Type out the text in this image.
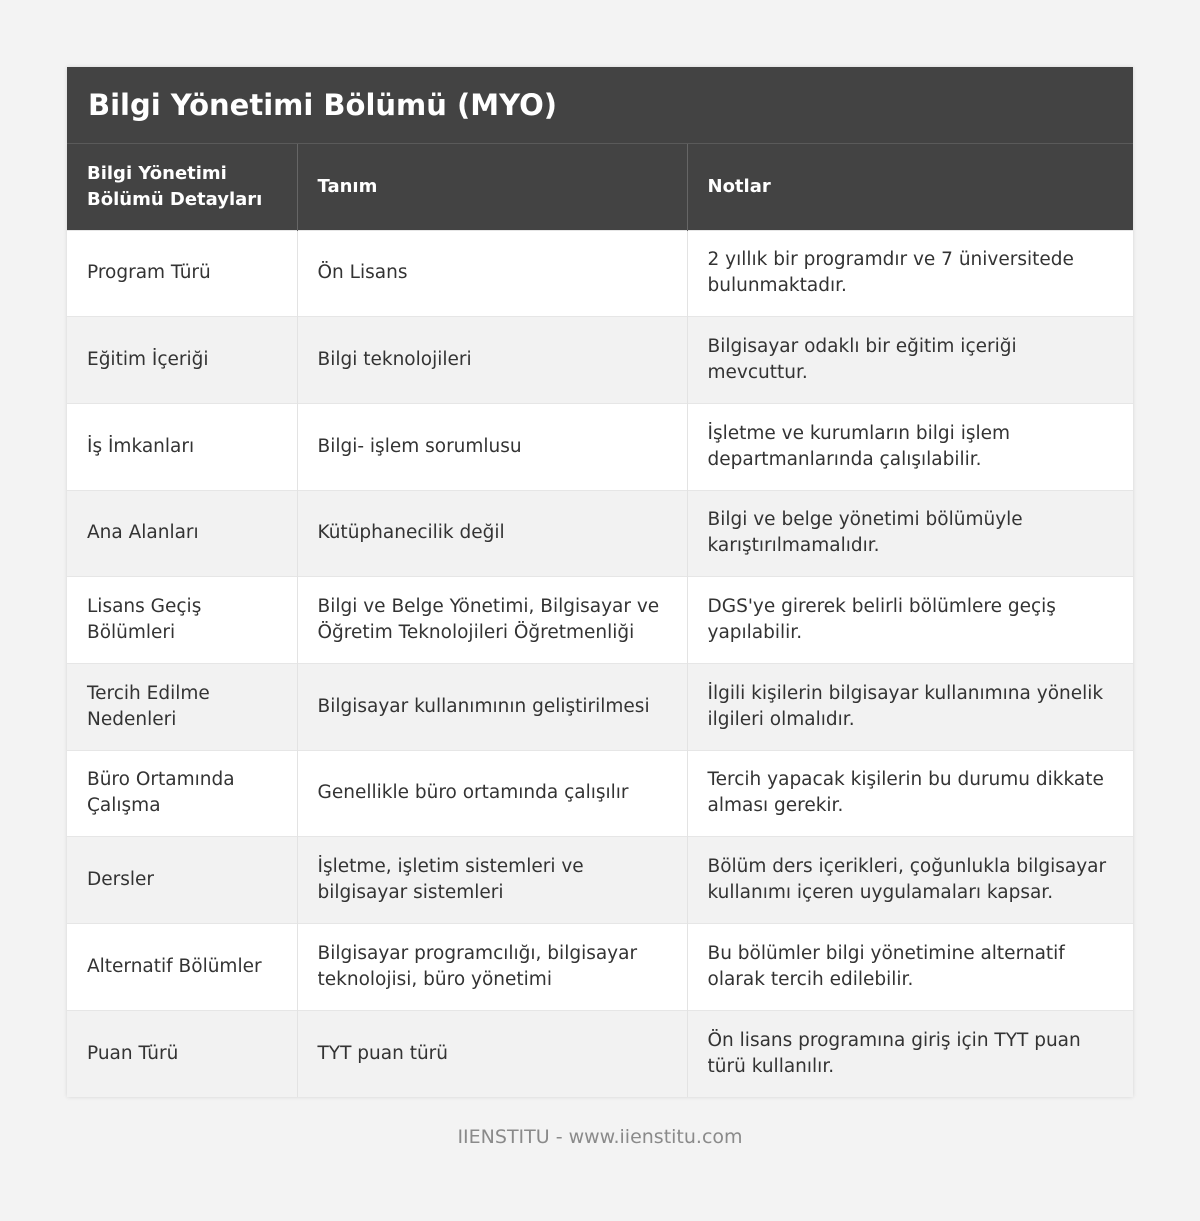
Bilgi Yönetimi Bölümü (MYO)
Bilgi Yönetimi Bölümü Detayları	Tanım	Notlar
Program Türü	Ön Lisans	2 yıllık bir programdır ve 7 üniversitede bulunmaktadır.
Eğitim İçeriği	Bilgi teknolojileri	Bilgisayar odaklı bir eğitim içeriği mevcuttur.
İş İmkanları	Bilgi- işlem sorumlusu	İşletme ve kurumların bilgi işlem departmanlarında çalışılabilir.
Ana Alanları	Kütüphanecilik değil	Bilgi ve belge yönetimi bölümüyle karıştırılmamalıdır.
Lisans Geçiş Bölümleri	Bilgi ve Belge Yönetimi, Bilgisayar ve Öğretim Teknolojileri Öğretmenliği	DGS'ye girerek belirli bölümlere geçiş yapılabilir.
Tercih Edilme Nedenleri	Bilgisayar kullanımının geliştirilmesi	İlgili kişilerin bilgisayar kullanımına yönelik ilgileri olmalıdır.
Büro Ortamında Çalışma	Genellikle büro ortamında çalışılır	Tercih yapacak kişilerin bu durumu dikkate alması gerekir.
Dersler	İşletme, işletim sistemleri ve bilgisayar sistemleri	Bölüm ders içerikleri, çoğunlukla bilgisayar kullanımı içeren uygulamaları kapsar.
Alternatif Bölümler	Bilgisayar programcılığı, bilgisayar teknolojisi, büro yönetimi	Bu bölümler bilgi yönetimine alternatif olarak tercih edilebilir.
Puan Türü	TYT puan türü	Ön lisans programına giriş için TYT puan türü kullanılır.
IIENSTITU - www.iienstitu.com
